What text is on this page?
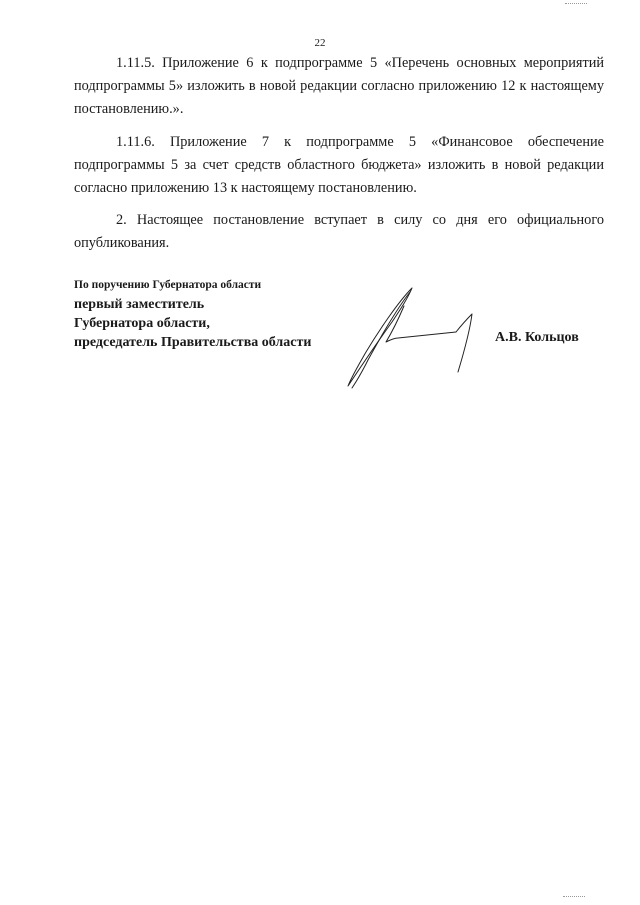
22

1.11.5. Приложение 6 к подпрограмме 5 «Перечень основных мероприятий подпрограммы 5» изложить в новой редакции согласно приложению 12 к настоящему постановлению.».

1.11.6. Приложение 7 к подпрограмме 5 «Финансовое обеспечение подпрограммы 5 за счет средств областного бюджета» изложить в новой редакции согласно приложению 13 к настоящему постановлению.

2. Настоящее постановление вступает в силу со дня его официального опубликования.

По поручению Губернатора области
первый заместитель
Губернатора области,
председатель Правительства области	А.В. Кольцов
